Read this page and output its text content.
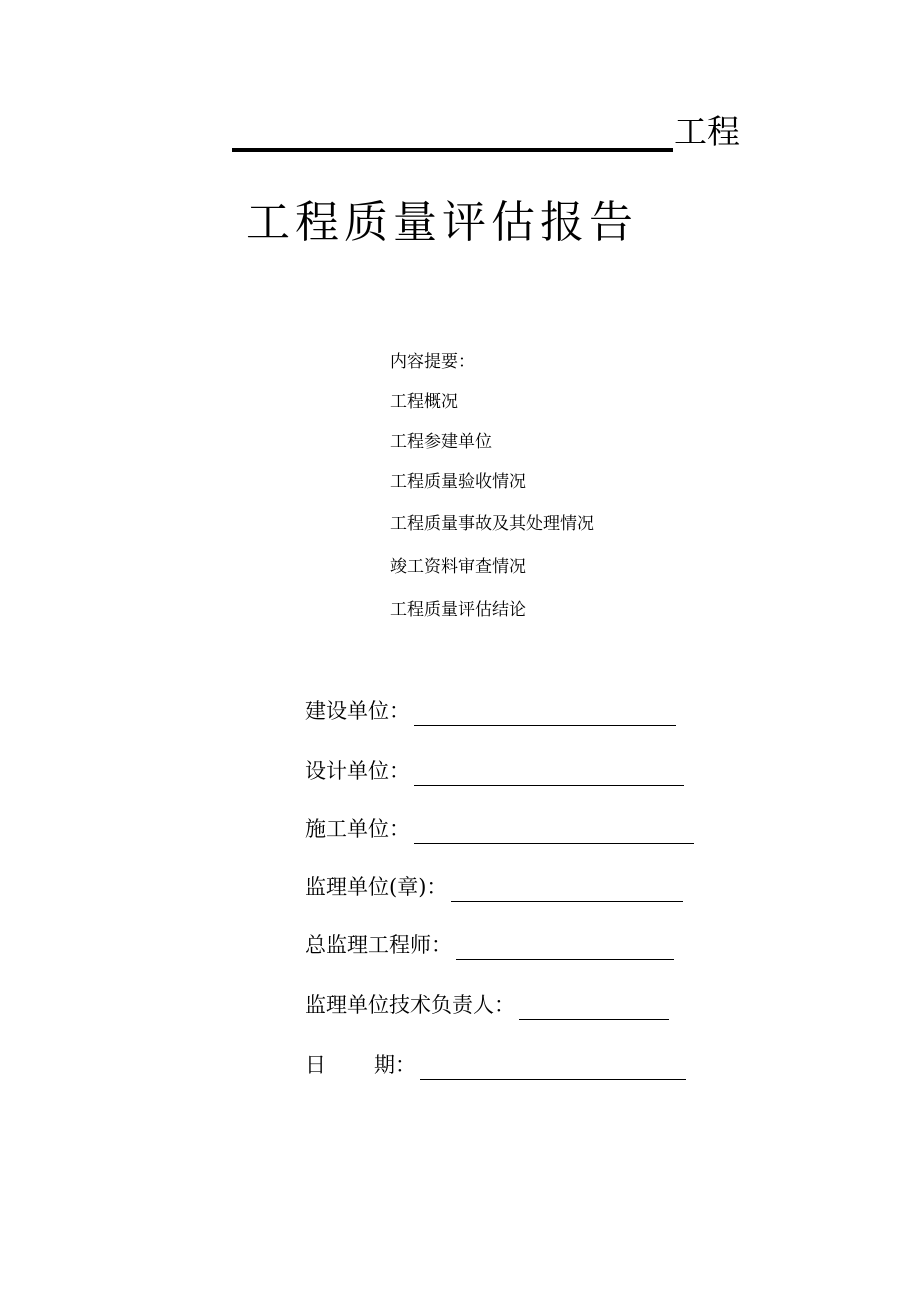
工程
工程质量评估报告
内容提要：
工程概况
工程参建单位
工程质量验收情况
工程质量事故及其处理情况
竣工资料审查情况
工程质量评估结论
建设单位：
设计单位：
施工单位：
监理单位(章)：
总监理工程师：
监理单位技术负责人：
日 期：
